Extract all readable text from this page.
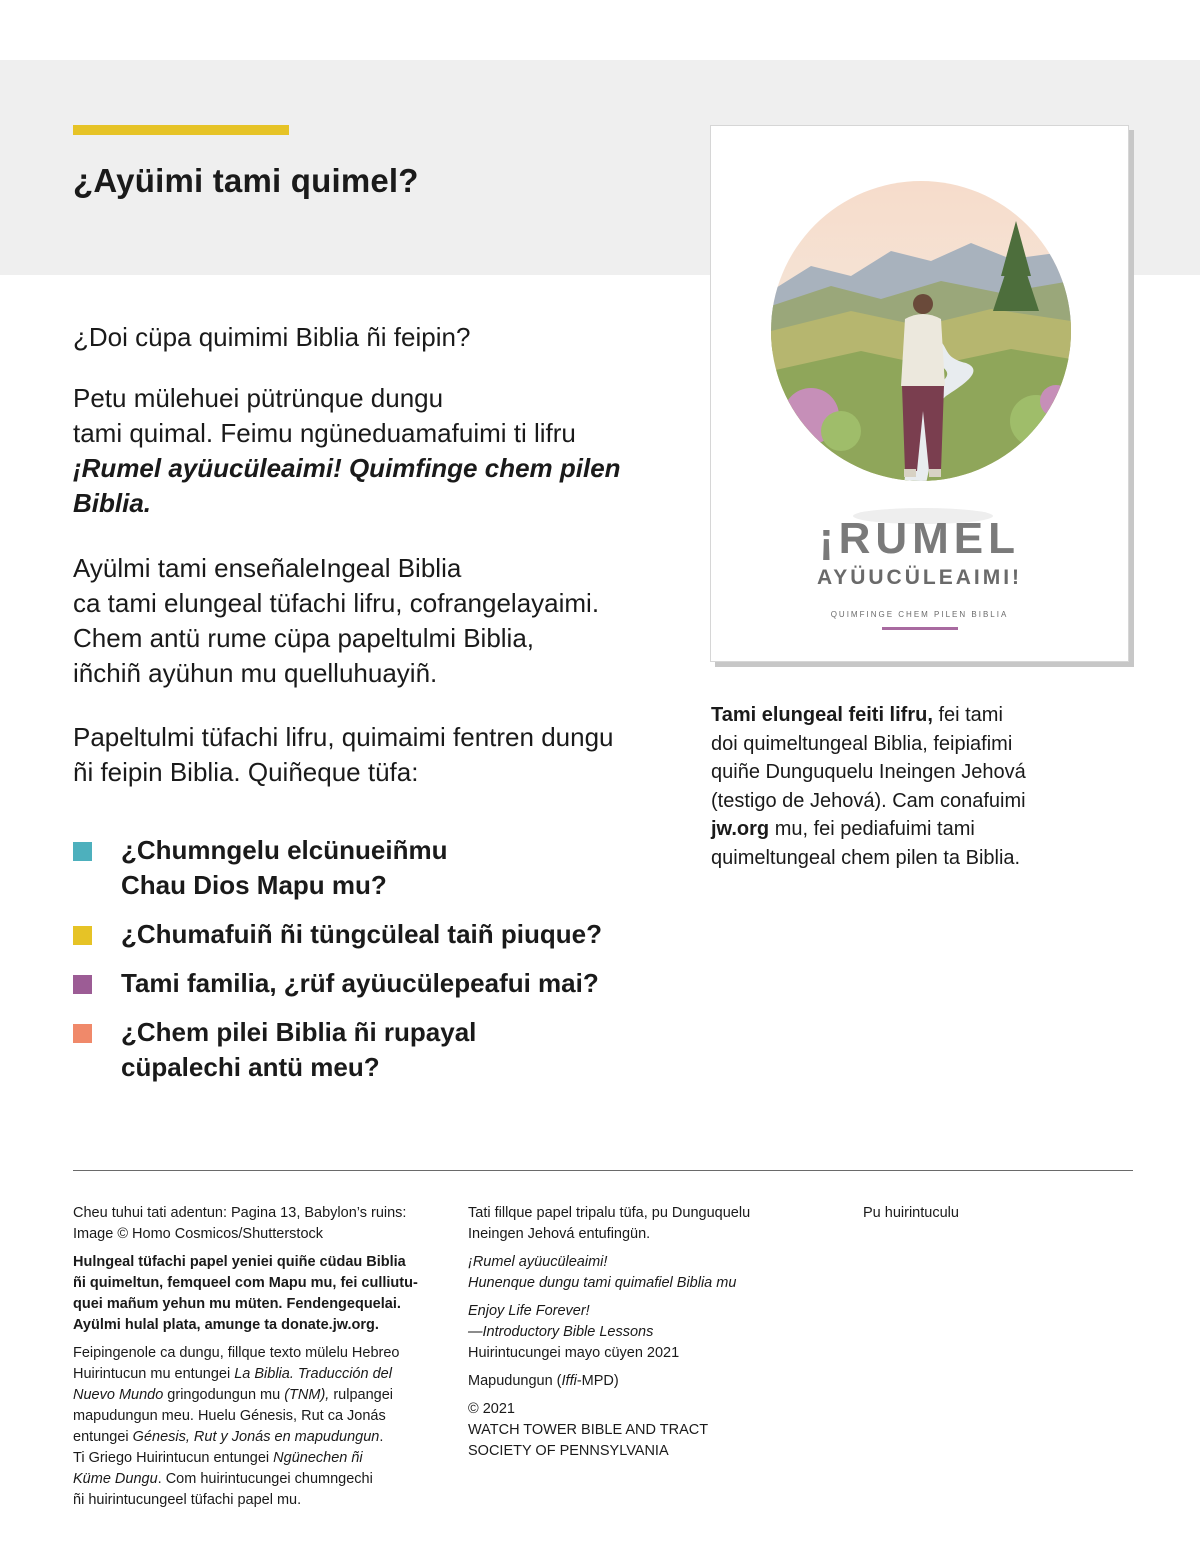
¿Ayüimi tami quimel?

¿Doi cüpa quimimi Biblia ñi feipin?

Petu mülehuei pütrünque dungu
tami quimal. Feimu ngüneduamafuimi ti lifru
¡Rumel ayüucüleaimi! Quimfinge chem pilen
Biblia.

Ayülmi tami enseñaleIngeal Biblia
ca tami elungeal tüfachi lifru, cofrangelayaimi.
Chem antü rume cüpa papeltulmi Biblia,
iñchiñ ayühun mu quelluhuayiñ.

Papeltulmi tüfachi lifru, quimaimi fentren dungu
ñi feipin Biblia. Quiñeque tüfa:

¿Chumngelu elcünueiñmu
Chau Dios Mapu mu?
¿Chumafuiñ ñi tüngcüleal taiñ piuque?
Tami familia, ¿rüf ayüucülepeafui mai?
¿Chem pilei Biblia ñi rupayal
cüpalechi antü meu?
¡RUMEL
AYÜUCÜLEAIMI!
QUIMFINGE CHEM PILEN BIBLIA

Tami elungeal feiti lifru, fei tami
doi quimeltungeal Biblia, feipiafimi
quiñe Dunguquelu Ineingen Jehová
(testigo de Jehová). Cam conafuimi
jw.org mu, fei pediafuimi tami
quimeltungeal chem pilen ta Biblia.

Cheu tuhui tati adentun: Pagina 13, Babylon’s ruins:
Image © Homo Cosmicos/Shutterstock

Hulngeal tüfachi papel yeniei quiñe cüdau Biblia
ñi quimeltun, femqueel com Mapu mu, fei culliutu-
quei mañum yehun mu müten. Fendengequelai.
Ayülmi hulal plata, amunge ta donate.jw.org.

Feipingenole ca dungu, fillque texto mülelu Hebreo
Huirintucun mu entungei La Biblia. Traducción del
Nuevo Mundo gringodungun mu (TNM), rulpangei
mapudungun meu. Huelu Génesis, Rut ca Jonás
entungei Génesis, Rut y Jonás en mapudungun.
Ti Griego Huirintucun entungei Ngünechen ñi
Küme Dungu. Com huirintucungei chumngechi
ñi huirintucungeel tüfachi papel mu.

Tati fillque papel tripalu tüfa, pu Dunguquelu
Ineingen Jehová entufingün.

¡Rumel ayüucüleaimi!
Hunenque dungu tami quimafiel Biblia mu

Enjoy Life Forever!
—Introductory Bible Lessons
Huirintucungei mayo cüyen 2021

Mapudungun (Iffi-MPD)

© 2021
WATCH TOWER BIBLE AND TRACT
SOCIETY OF PENNSYLVANIA

Pu huirintuculu
